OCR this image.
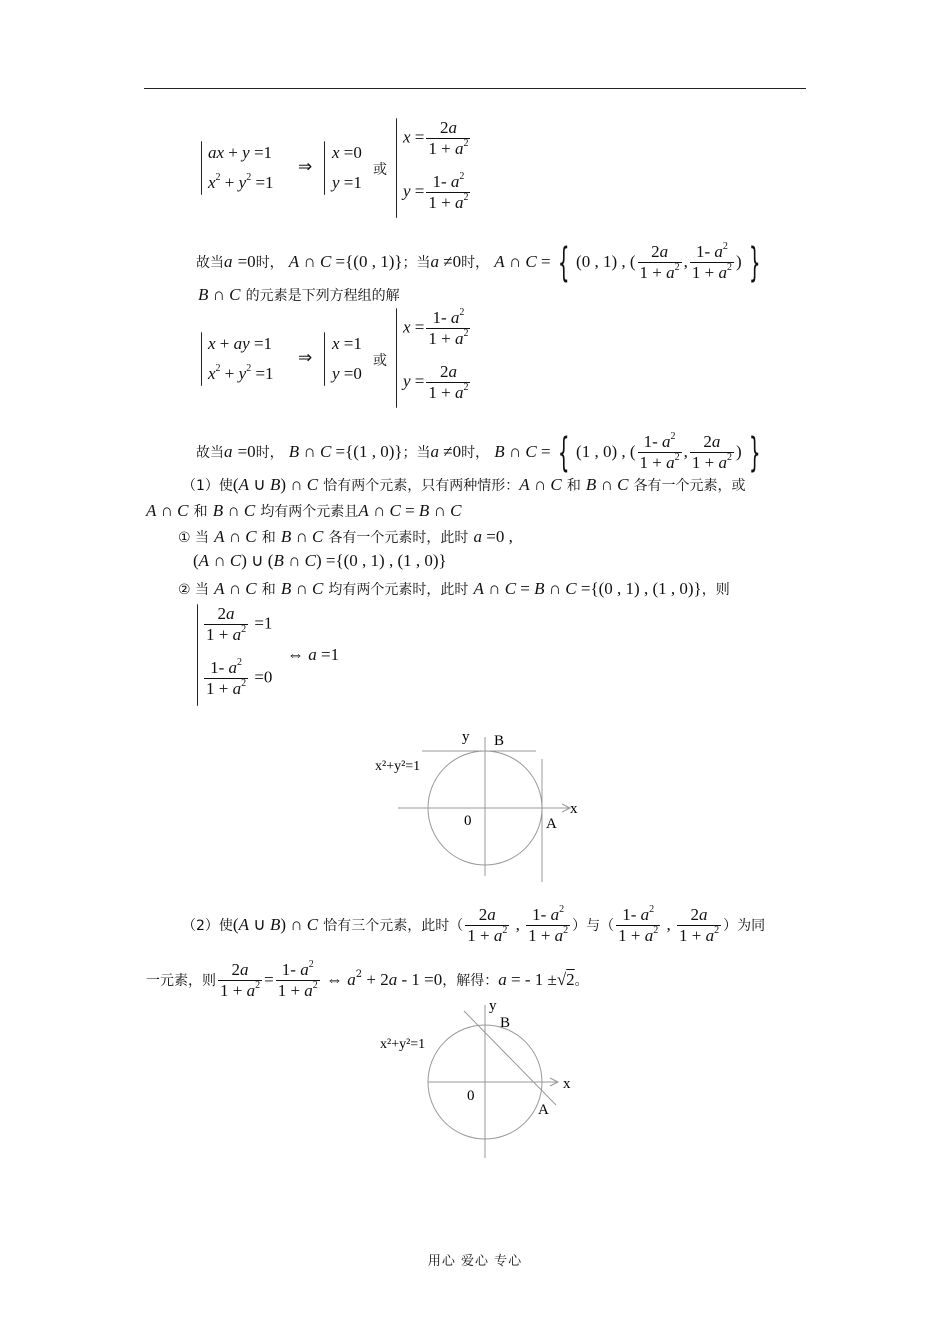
ax + y =1
$x^2 + y^2 =1$
⇒
x =0
y =1
或
$x = \frac{2a}{1 + a^2}$
$y = \frac{1- a^2}{1 + a^2}$
故当a =0时， A ∩ C ={(0 , 1)}；当a ≠0时， A ∩ C = { (0 , 1) , ( $\frac{2a}{1 + a^2}$ , $\frac{1- a^2}{1 + a^2}$ ) }
B ∩ C 的元素是下列方程组的解
x + ay =1
$x^2 + y^2 =1$
⇒
x =1
y =0
或
$x = \frac{1- a^2}{1 + a^2}$
$y = \frac{2a}{1 + a^2}$
故当a =0时， B ∩ C ={(1 , 0)}；当a ≠0时， B ∩ C = { (1 , 0) , ( $\frac{1- a^2}{1 + a^2}$ , $\frac{2a}{1 + a^2}$ ) }
（1）使(A ∪ B) ∩ C 恰有两个元素，只有两种情形：A ∩ C 和 B ∩ C 各有一个元素，或
A ∩ C 和 B ∩ C 均有两个元素且A ∩ C = B ∩ C
① 当 A ∩ C 和 B ∩ C 各有一个元素时，此时 a =0 ,
(A ∩ C) ∪ (B ∩ C) ={(0 , 1) , (1 , 0)}
② 当 A ∩ C 和 B ∩ C 均有两个元素时，此时 A ∩ C = B ∩ C ={(0 , 1) , (1 , 0)}，则
$\frac{2a}{1 + a^2} =1$
$\frac{1- a^2}{1 + a^2} =0$
⇔ a =1
y B
x²+y²=1
x
0	A
（2）使(A ∪ B) ∩ C 恰有三个元素，此时（ $\frac{2a}{1 + a^2}$ , $\frac{1- a^2}{1 + a^2}$ ）与（ $\frac{1- a^2}{1 + a^2}$ , $\frac{2a}{1 + a^2}$ ）为同
一元素，则 $\frac{2a}{1 + a^2} = \frac{1- a^2}{1 + a^2}$ ⇔ $a^2 + 2a - 1 =0$，解得：a = - 1 ±√2。
y
B
x²+y²=1
x
0
A
用心 爱心 专心
